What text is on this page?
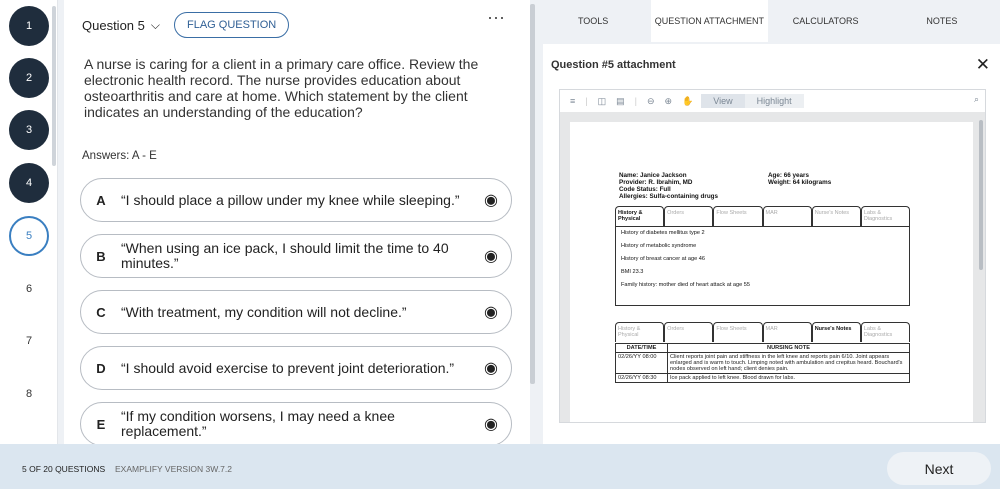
1
2
3
4
5
6
7
8
Question 5 ⌵	FLAG QUESTION	⋯
A nurse is caring for a client in a primary care office. Review the electronic health record. The nurse provides education about osteoarthritis and care at home. Which statement by the client indicates an understanding of the education?
Answers: A - E
A	“I should place a pillow under my knee while sleeping.”	◉
B	“When using an ice pack, I should limit the time to 40 minutes.”	◉
C	“With treatment, my condition will not decline.”	◉
D	“I should avoid exercise to prevent joint deterioration.”	◉
E	“If my condition worsens, I may need a knee replacement.”	◉
TOOLS	QUESTION ATTACHMENT	CALCULATORS	NOTES
Question #5 attachment	✕
≡ | ◫ ▤ | ⊖ ⊕ ✋	View	Highlight	⌕
Name: Janice Jackson
Provider: R. Ibrahim, MD
Code Status: Full
Allergies: Sulfa-containing drugs
Age: 66 years
Weight: 64 kilograms
History & Physical
Orders	Flow Sheets	MAR	Nurse's Notes	Labs & Diagnostics
History of diabetes mellitus type 2
History of metabolic syndrome
History of breast cancer at age 46
BMI 23.3
Family history: mother died of heart attack at age 55
History & Physical
Orders	Flow Sheets	MAR	Nurse's Notes	Labs & Diagnostics
DATE/TIME	NURSING NOTE
02/26/YY 08:00	Client reports joint pain and stiffness in the left knee and reports pain 6/10. Joint appears enlarged and is warm to touch. Limping noted with ambulation and crepitus heard. Bouchard's nodes observed on left hand; client denies pain.
02/26/YY 08:30	Ice pack applied to left knee. Blood drawn for labs.
5 OF 20 QUESTIONS EXAMPLIFY VERSION 3W.7.2	Next
